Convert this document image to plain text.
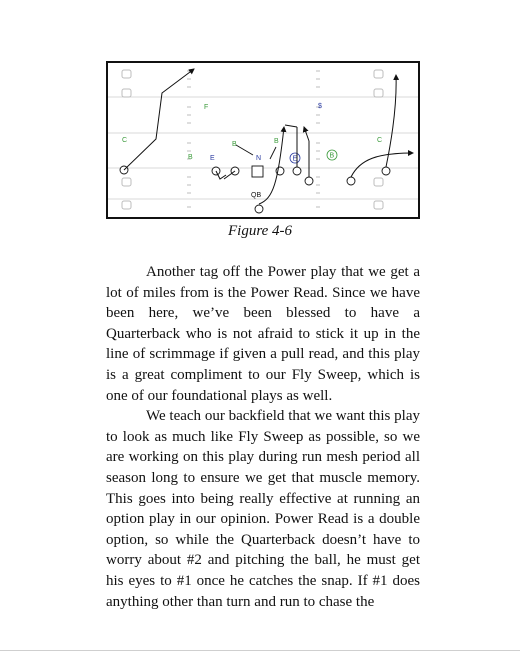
F	$
C	C
B
B	B
E	N	E	B
QB
Figure 4-6

Another tag off the Power play that we get a lot of miles from is the Power Read. Since we have been here, we’ve been blessed to have a Quarterback who is not afraid to stick it up in the line of scrimmage if given a pull read, and this play is a great compliment to our Fly Sweep, which is one of our foundational plays as well.

We teach our backfield that we want this play to look as much like Fly Sweep as possible, so we are working on this play during run mesh period all season long to ensure we get that muscle memory. This goes into being really effective at running an option play in our opinion. Power Read is a double option, so while the Quarterback doesn’t have to worry about #2 and pitching the ball, he must get his eyes to #1 once he catches the snap. If #1 does anything other than turn and run to chase the
